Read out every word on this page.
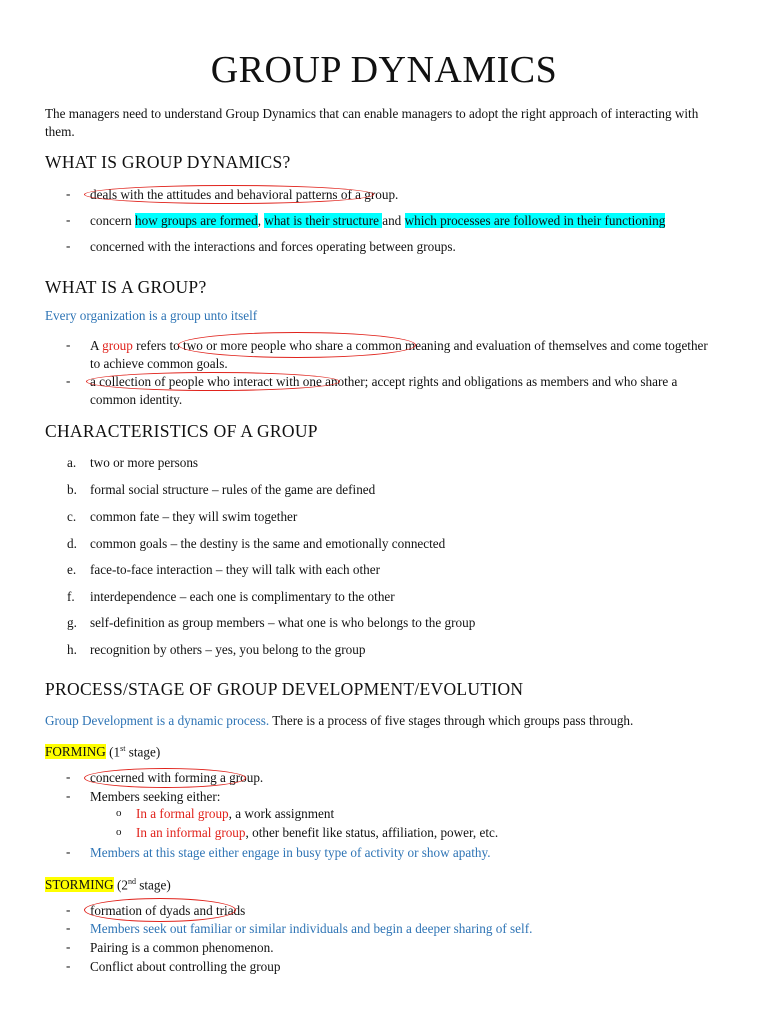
GROUP DYNAMICS
The managers need to understand Group Dynamics that can enable managers to adopt the right approach of interacting with them.
WHAT IS GROUP DYNAMICS?
- deals with the attitudes and behavioral patterns of a group.
- concern how groups are formed, what is their structure and which processes are followed in their functioning
- concerned with the interactions and forces operating between groups.
WHAT IS A GROUP?
Every organization is a group unto itself
- A group refers to two or more people who share a common meaning and evaluation of themselves and come together to achieve common goals.
- a collection of people who interact with one another; accept rights and obligations as members and who share a common identity.
CHARACTERISTICS OF A GROUP
a. two or more persons
b. formal social structure – rules of the game are defined
c. common fate – they will swim together
d. common goals – the destiny is the same and emotionally connected
e. face-to-face interaction – they will talk with each other
f. interdependence – each one is complimentary to the other
g. self-definition as group members – what one is who belongs to the group
h. recognition by others – yes, you belong to the group
PROCESS/STAGE OF GROUP DEVELOPMENT/EVOLUTION
Group Development is a dynamic process. There is a process of five stages through which groups pass through.
FORMING (1st stage)
- concerned with forming a group.
- Members seeking either:
o In a formal group, a work assignment
o In an informal group, other benefit like status, affiliation, power, etc.
- Members at this stage either engage in busy type of activity or show apathy.
STORMING (2nd stage)
- formation of dyads and triads
- Members seek out familiar or similar individuals and begin a deeper sharing of self.
- Pairing is a common phenomenon.
- Conflict about controlling the group
